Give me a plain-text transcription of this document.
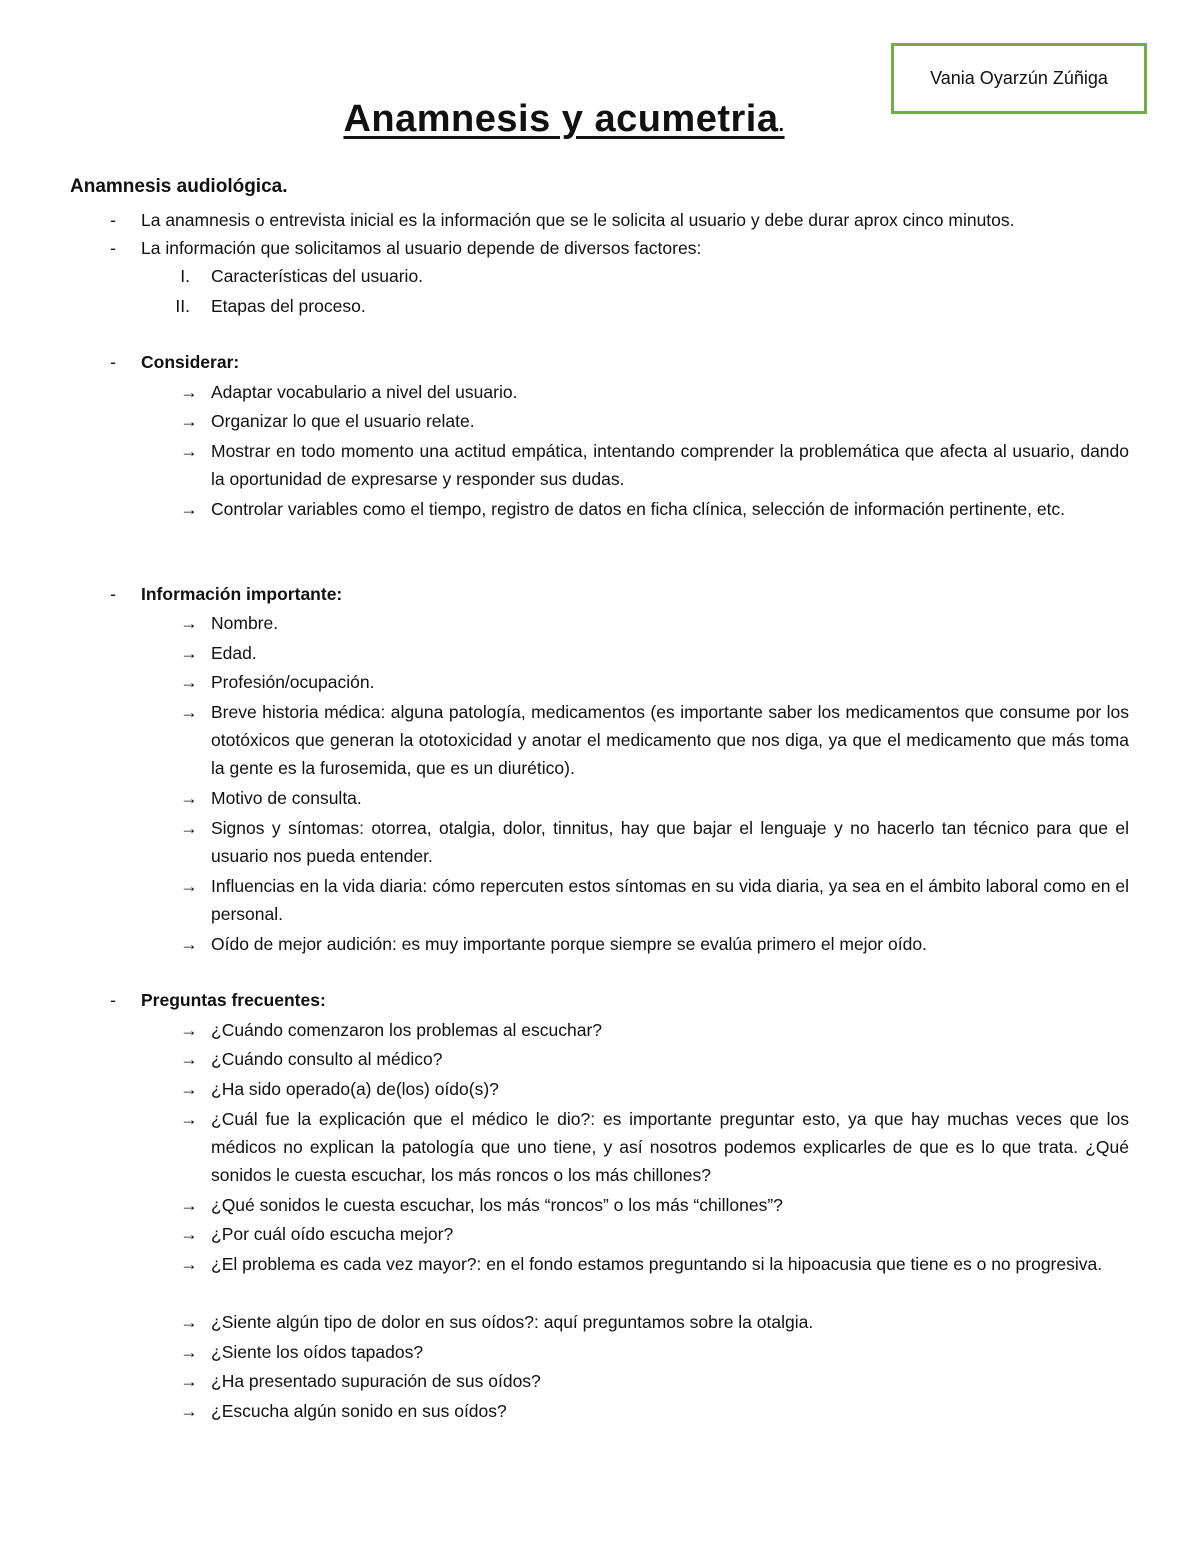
Vania Oyarzún Zúñiga
Anamnesis y acumetria.
Anamnesis audiológica.
-	La anamnesis o entrevista inicial es la información que se le solicita al usuario y debe durar aprox cinco minutos.
-	La información que solicitamos al usuario depende de diversos factores:
I. Características del usuario.
II. Etapas del proceso.
-	Considerar:
→ Adaptar vocabulario a nivel del usuario.
→ Organizar lo que el usuario relate.
→ Mostrar en todo momento una actitud empática, intentando comprender la problemática que afecta al usuario, dando la oportunidad de expresarse y responder sus dudas.
→ Controlar variables como el tiempo, registro de datos en ficha clínica, selección de información pertinente, etc.
-	Información importante:
→ Nombre.
→ Edad.
→ Profesión/ocupación.
→ Breve historia médica: alguna patología, medicamentos (es importante saber los medicamentos que consume por los ototóxicos que generan la ototoxicidad y anotar el medicamento que nos diga, ya que el medicamento que más toma la gente es la furosemida, que es un diurético).
→ Motivo de consulta.
→ Signos y síntomas: otorrea, otalgia, dolor, tinnitus, hay que bajar el lenguaje y no hacerlo tan técnico para que el usuario nos pueda entender.
→ Influencias en la vida diaria: cómo repercuten estos síntomas en su vida diaria, ya sea en el ámbito laboral como en el personal.
→ Oído de mejor audición: es muy importante porque siempre se evalúa primero el mejor oído.
-	Preguntas frecuentes:
→ ¿Cuándo comenzaron los problemas al escuchar?
→ ¿Cuándo consulto al médico?
→ ¿Ha sido operado(a) de(los) oído(s)?
→ ¿Cuál fue la explicación que el médico le dio?: es importante preguntar esto, ya que hay muchas veces que los médicos no explican la patología que uno tiene, y así nosotros podemos explicarles de que es lo que trata. ¿Qué sonidos le cuesta escuchar, los más roncos o los más chillones?
→ ¿Qué sonidos le cuesta escuchar, los más “roncos” o los más “chillones”?
→ ¿Por cuál oído escucha mejor?
→ ¿El problema es cada vez mayor?: en el fondo estamos preguntando si la hipoacusia que tiene es o no progresiva.
→ ¿Siente algún tipo de dolor en sus oídos?: aquí preguntamos sobre la otalgia.
→ ¿Siente los oídos tapados?
→ ¿Ha presentado supuración de sus oídos?
→ ¿Escucha algún sonido en sus oídos?
